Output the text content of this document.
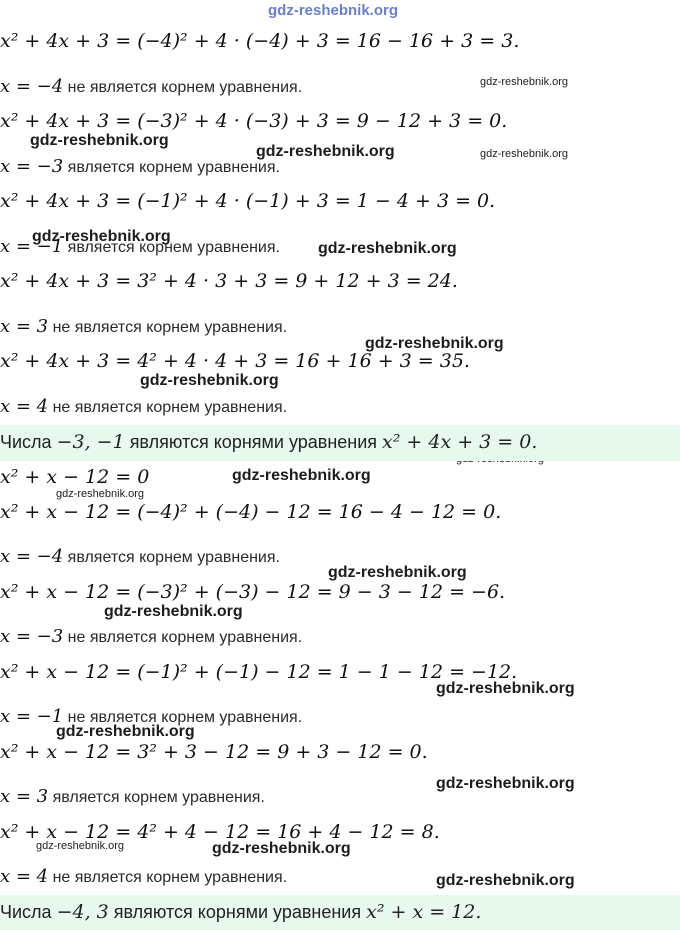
gdz-reshebnik.org
gdz-reshebnik.org
gdz-reshebnik.org
gdz-reshebnik.org	gdz-reshebnik.org
gdz-reshebnik.org
gdz-reshebnik.org
gdz-reshebnik.org
gdz-reshebnik.org
gdz-reshebnik.org
gdz-reshebnik.org
gdz-reshebnik.org
gdz-reshebnik.org
gdz-reshebnik.org
gdz-reshebnik.org
gdz-reshebnik.org
gdz-reshebnik.org	gdz-reshebnik.org
gdz-reshebnik.org
x² + 4x + 3 = (−4)² + 4 · (−4) + 3 = 16 − 16 + 3 = 3.
x = −4 не является корнем уравнения.
x² + 4x + 3 = (−3)² + 4 · (−3) + 3 = 9 − 12 + 3 = 0.
x = −3 является корнем уравнения.
x² + 4x + 3 = (−1)² + 4 · (−1) + 3 = 1 − 4 + 3 = 0.
x = −1 является корнем уравнения.
x² + 4x + 3 = 3² + 4 · 3 + 3 = 9 + 12 + 3 = 24.
x = 3 не является корнем уравнения.
x² + 4x + 3 = 4² + 4 · 4 + 3 = 16 + 16 + 3 = 35.
x = 4 не является корнем уравнения.
Числа −3, −1 являются корнями уравнения x² + 4x + 3 = 0.
x² + x − 12 = 0
x² + x − 12 = (−4)² + (−4) − 12 = 16 − 4 − 12 = 0.
x = −4 является корнем уравнения.
x² + x − 12 = (−3)² + (−3) − 12 = 9 − 3 − 12 = −6.
x = −3 не является корнем уравнения.
x² + x − 12 = (−1)² + (−1) − 12 = 1 − 1 − 12 = −12.
x = −1 не является корнем уравнения.
x² + x − 12 = 3² + 3 − 12 = 9 + 3 − 12 = 0.
x = 3 является корнем уравнения.
x² + x − 12 = 4² + 4 − 12 = 16 + 4 − 12 = 8.
x = 4 не является корнем уравнения.
Числа −4, 3 являются корнями уравнения x² + x = 12.
